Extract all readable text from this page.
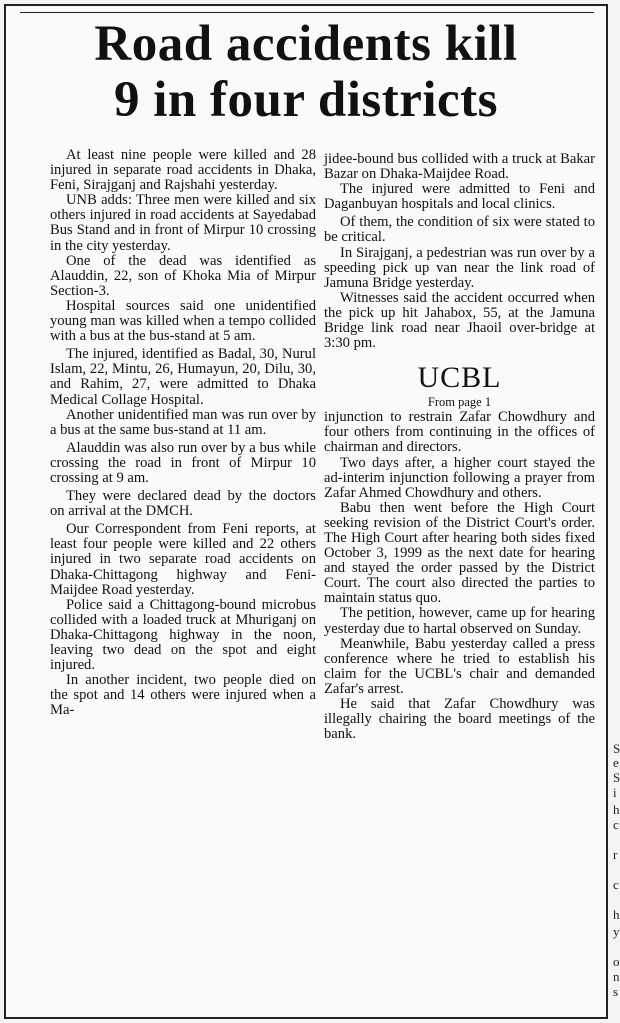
Road accidents kill
9 in four districts

At least nine people were killed and 28 injured in separate road accidents in Dhaka, Feni, Sirajganj and Rajshahi yesterday.

UNB adds: Three men were killed and six others injured in road accidents at Sayedabad Bus Stand and in front of Mirpur 10 crossing in the city yesterday.

One of the dead was identified as Alauddin, 22, son of Khoka Mia of Mirpur Section-3.

Hospital sources said one unidentified young man was killed when a tempo collided with a bus at the bus-stand at 5 am.

The injured, identified as Badal, 30, Nurul Islam, 22, Mintu, 26, Humayun, 20, Dilu, 30, and Rahim, 27, were admitted to Dhaka Medical Collage Hospital.

Another unidentified man was run over by a bus at the same bus-stand at 11 am.

Alauddin was also run over by a bus while crossing the road in front of Mirpur 10 crossing at 9 am.

They were declared dead by the doctors on arrival at the DMCH.

Our Correspondent from Feni reports, at least four people were killed and 22 others injured in two separate road accidents on Dhaka-Chittagong highway and Feni-Maijdee Road yesterday.

Police said a Chittagong-bound microbus collided with a loaded truck at Mhuriganj on Dhaka-Chittagong highway in the noon, leaving two dead on the spot and eight injured.

In another incident, two people died on the spot and 14 others were injured when a Ma-

jidee-bound bus collided with a truck at Bakar Bazar on Dhaka-Maijdee Road.

The injured were admitted to Feni and Daganbuyan hospitals and local clinics.

Of them, the condition of six were stated to be critical.

In Sirajganj, a pedestrian was run over by a speeding pick up van near the link road of Jamuna Bridge yesterday.

Witnesses said the accident occurred when the pick up hit Jahabox, 55, at the Jamuna Bridge link road near Jhaoil over-bridge at 3:30 pm.

UCBL

From page 1

injunction to restrain Zafar Chowdhury and four others from continuing in the offices of chairman and directors.

Two days after, a higher court stayed the ad-interim injunction following a prayer from Zafar Ahmed Chowdhury and others.

Babu then went before the High Court seeking revision of the District Court's order. The High Court after hearing both sides fixed October 3, 1999 as the next date for hearing and stayed the order passed by the District Court. The court also directed the parties to maintain status quo.

The petition, however, came up for hearing yesterday due to hartal observed on Sunday.

Meanwhile, Babu yesterday called a press conference where he tried to establish his claim for the UCBL's chair and demanded Zafar's arrest.

He said that Zafar Chowdhury was illegally chairing the board meetings of the bank.

S
e
S
i
h
c
r
c
h
y
o
n
s
